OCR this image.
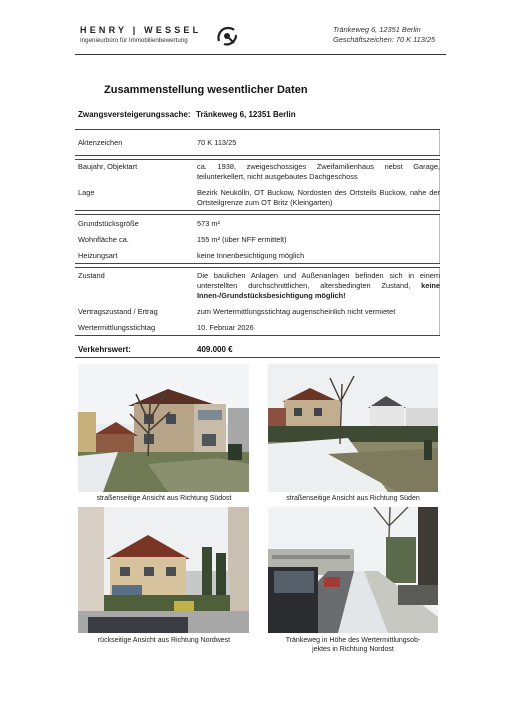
HENRY | WESSEL
Ingenieurbüro für Immobilienbewertung
Tränkeweg 6, 12351 Berlin
Geschäftszeichen: 70 K 113/25
Zusammenstellung wesentlicher Daten
Zwangsversteigerungssache: Tränkeweg 6, 12351 Berlin
Aktenzeichen	70 K 113/25
Baujahr, Objektart	ca. 1938, zweigeschossiges Zweifamilienhaus nebst Garage, teilunterkellert, nicht ausgebautes Dachgeschoss
Lage	Bezirk Neukölln, OT Buckow, Nordosten des Ortsteils Buckow, nahe der Ortsteilgrenze zum OT Britz (Kleingarten)
Grundstücksgröße	573 m²
Wohnfläche ca.	155 m² (über NFF ermittelt)
Heizungsart	keine Innenbesichtigung möglich
Zustand	Die baulichen Anlagen und Außenanlagen befinden sich in einem unterstellten durchschnittlichen, altersbedingten Zustand, keine Innen-/Grundstücksbesichtigung möglich!
Vertragszustand / Ertrag	zum Wertermittlungsstichtag augenscheinlich nicht vermietet
Wertermittlungsstichtag	10. Februar 2026
Verkehrswert:	409.000 €
straßenseitige Ansicht aus Richtung Südost	straßenseitige Ansicht aus Richtung Süden
rückseitige Ansicht aus Richtung Nordwest	Tränkeweg in Höhe des Wertermittlungsob-
jektes in Richtung Nordost
